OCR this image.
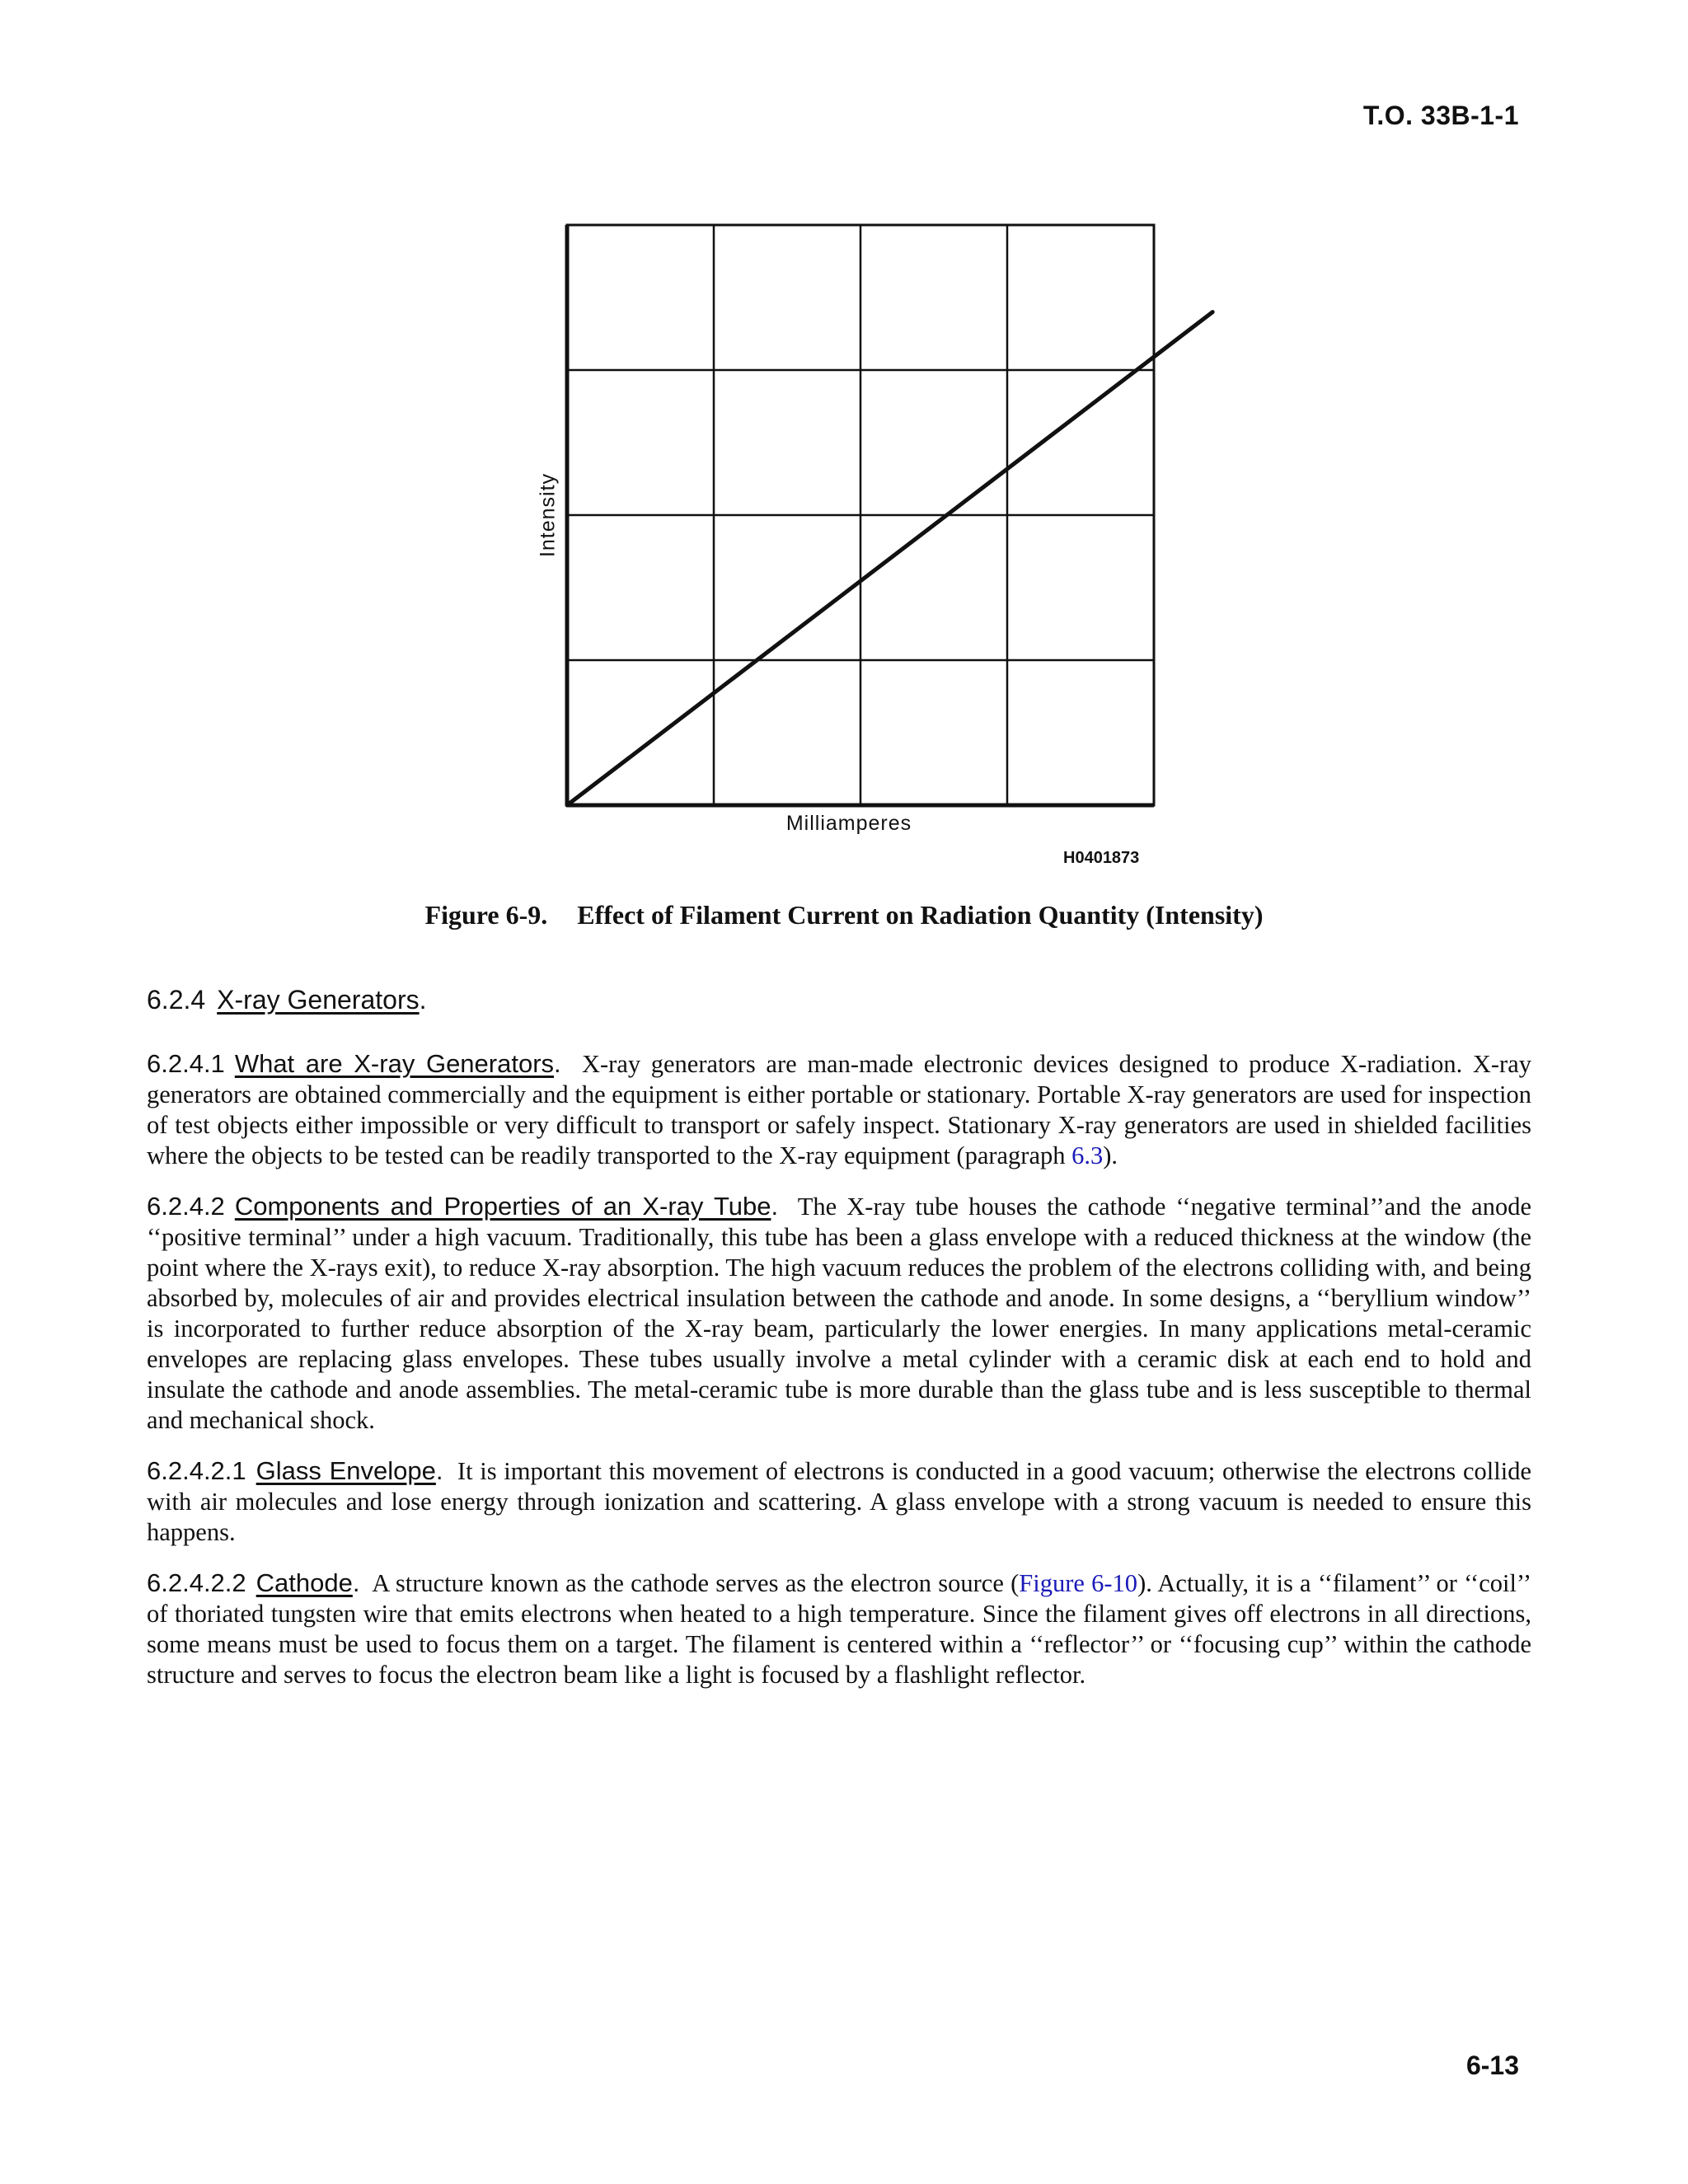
T.O. 33B-1-1
Intensity
Milliamperes
H0401873
Figure 6-9. Effect of Filament Current on Radiation Quantity (Intensity)
6.2.4 X-ray Generators.

6.2.4.1 What are X-ray Generators. X-ray generators are man-made electronic devices designed to produce X-radiation. X-ray generators are obtained commercially and the equipment is either portable or stationary. Portable X-ray generators are used for inspection of test objects either impossible or very difficult to transport or safely inspect. Stationary X-ray generators are used in shielded facilities where the objects to be tested can be readily transported to the X-ray equipment (paragraph 6.3).

6.2.4.2 Components and Properties of an X-ray Tube. The X-ray tube houses the cathode ‘‘negative terminal’’and the anode ‘‘positive terminal’’ under a high vacuum. Traditionally, this tube has been a glass envelope with a reduced thickness at the window (the point where the X-rays exit), to reduce X-ray absorption. The high vacuum reduces the problem of the electrons colliding with, and being absorbed by, molecules of air and provides electrical insulation between the cathode and anode. In some designs, a ‘‘beryllium window’’ is incorporated to further reduce absorption of the X-ray beam, particularly the lower energies. In many applications metal-ceramic envelopes are replacing glass envelopes. These tubes usually involve a metal cylinder with a ceramic disk at each end to hold and insulate the cathode and anode assemblies. The metal-ceramic tube is more durable than the glass tube and is less susceptible to thermal and mechanical shock.

6.2.4.2.1 Glass Envelope. It is important this movement of electrons is conducted in a good vacuum; otherwise the electrons collide with air molecules and lose energy through ionization and scattering. A glass envelope with a strong vacuum is needed to ensure this happens.

6.2.4.2.2 Cathode. A structure known as the cathode serves as the electron source (Figure 6-10). Actually, it is a ‘‘filament’’ or ‘‘coil’’ of thoriated tungsten wire that emits electrons when heated to a high temperature. Since the filament gives off electrons in all directions, some means must be used to focus them on a target. The filament is centered within a ‘‘reflector’’ or ‘‘focusing cup’’ within the cathode structure and serves to focus the electron beam like a light is focused by a flashlight reflector.

6-13
